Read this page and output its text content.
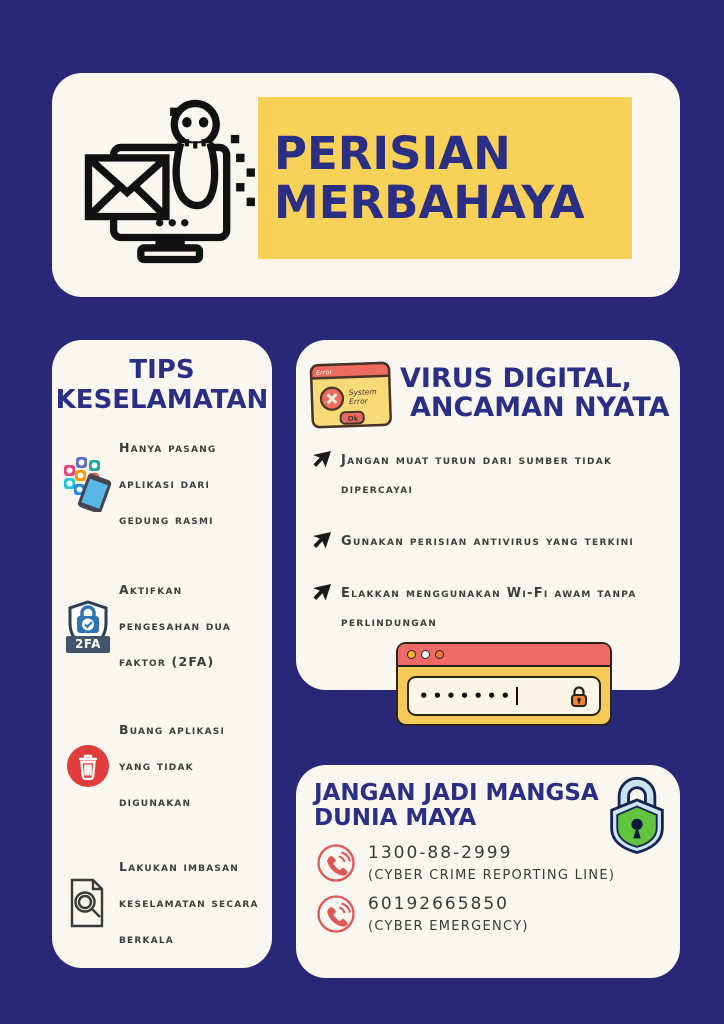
PERISIAN
MERBAHAYA
TIPS
KESELAMATAN
Hanya pasang aplikasi dari gedung rasmi
2FA
Aktifkan pengesahan dua faktor (2FA)
Buang aplikasi yang tidak digunakan
Lakukan imbasan keselamatan secara berkala
Error
System
Error
Ok
VIRUS DIGITAL,
ANCAMAN NYATA
Jangan muat turun dari sumber tidak dipercayai
Gunakan perisian antivirus yang terkini
Elakkan menggunakan Wi-Fi awam tanpa perlindungan
•••••••
JANGAN JADI MANGSA
DUNIA MAYA
1300-88-2999
(CYBER CRIME REPORTING LINE)
60192665850
(CYBER EMERGENCY)
